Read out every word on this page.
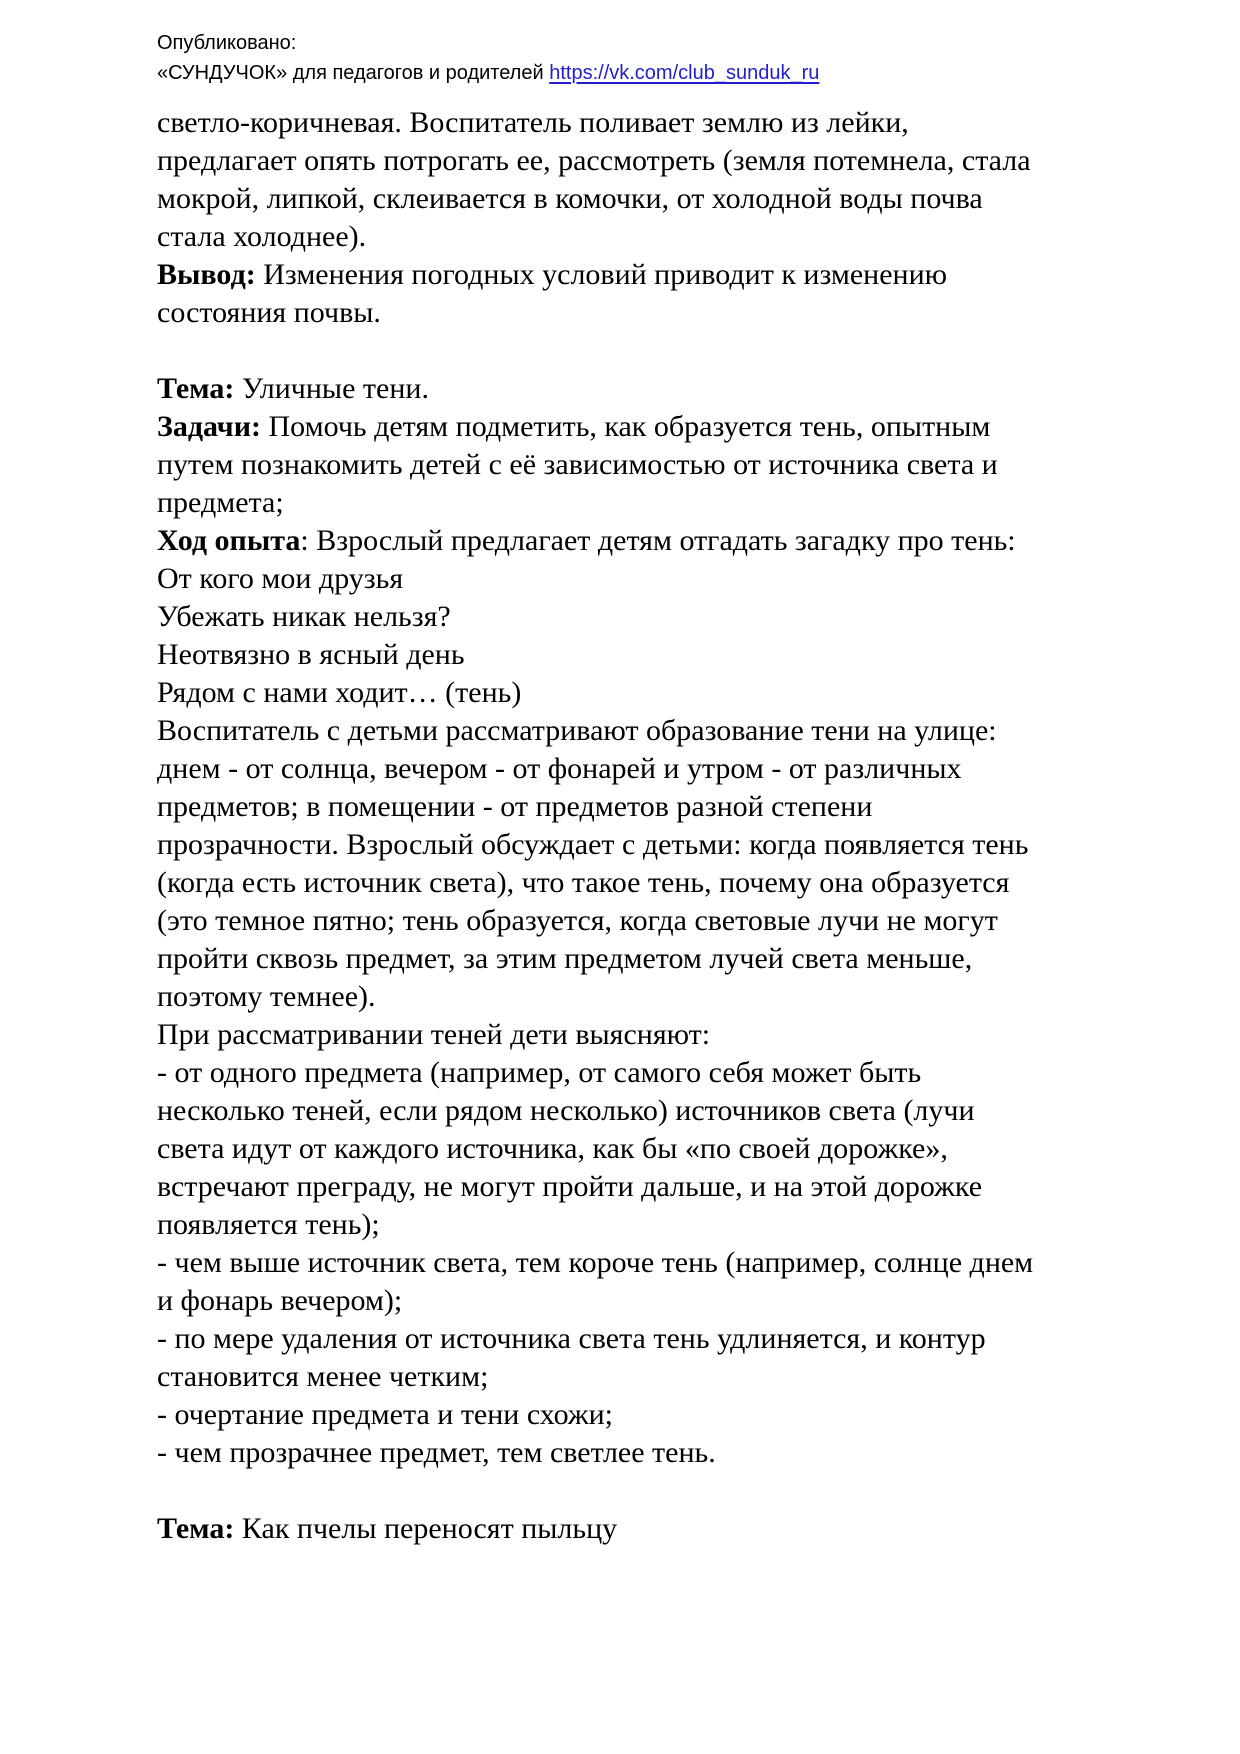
Опубликовано:
«СУНДУЧОК» для педагогов и родителей https://vk.com/club_sunduk_ru

светло-коричневая. Воспитатель поливает землю из лейки, предлагает опять потрогать ее, рассмотреть (земля потемнела, стала мокрой, липкой, склеивается в комочки, от холодной воды почва стала холоднее).

Вывод: Изменения погодных условий приводит к изменению состояния почвы.

Тема: Уличные тени.

Задачи: Помочь детям подметить, как образуется тень, опытным путем познакомить детей с её зависимостью от источника света и предмета;

Ход опыта: Взрослый предлагает детям отгадать загадку про тень:

От кого мои друзья

Убежать никак нельзя?

Неотвязно в ясный день

Рядом с нами ходит… (тень)

Воспитатель с детьми рассматривают образование тени на улице: днем - от солнца, вечером - от фонарей и утром - от различных предметов; в помещении - от предметов разной степени прозрачности. Взрослый обсуждает с детьми: когда появляется тень (когда есть источник света), что такое тень, почему она образуется (это темное пятно; тень образуется, когда световые лучи не могут пройти сквозь предмет, за этим предметом лучей света меньше, поэтому темнее).

При рассматривании теней дети выясняют:

- от одного предмета (например, от самого себя может быть несколько теней, если рядом несколько) источников света (лучи света идут от каждого источника, как бы «по своей дорожке», встречают преграду, не могут пройти дальше, и на этой дорожке появляется тень);

- чем выше источник света, тем короче тень (например, солнце днем и фонарь вечером);

- по мере удаления от источника света тень удлиняется, и контур становится менее четким;

- очертание предмета и тени схожи;

- чем прозрачнее предмет, тем светлее тень.

Тема: Как пчелы переносят пыльцу
